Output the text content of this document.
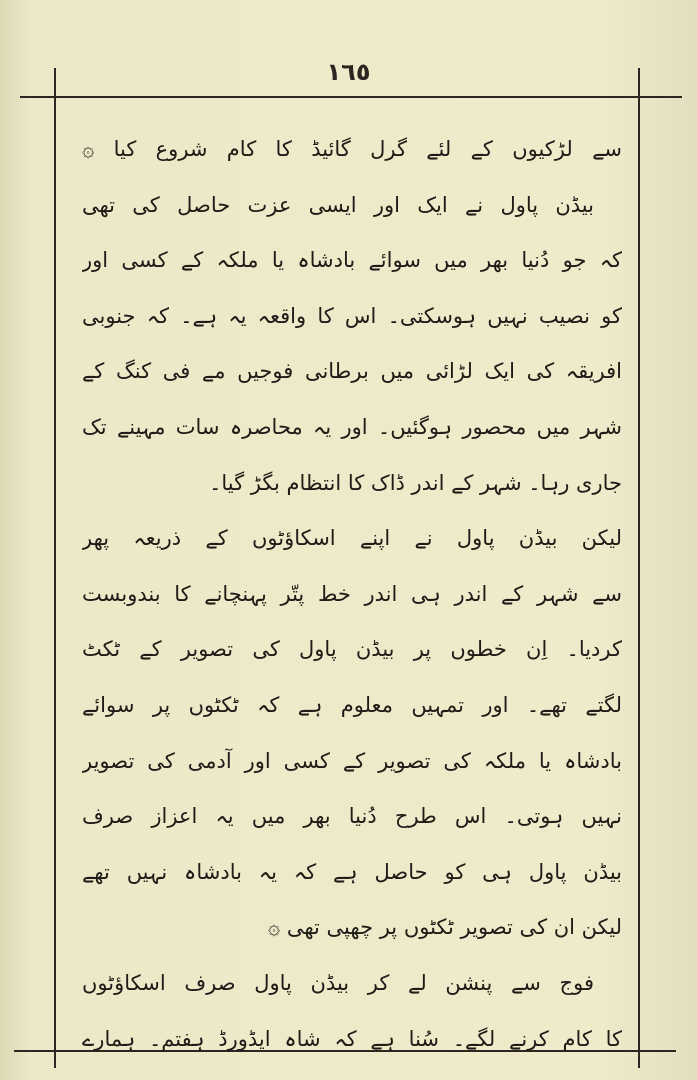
١٦٥
سے لڑکیوں کے لئے گرل گائیڈ کا کام شروع کیا ۞
بیڈن پاول نے ایک اور ایسی عزت حاصل کی تھی
کہ جو دُنیا بھر میں سوائے بادشاہ یا ملکہ کے کسی اور
کو نصیب نہیں ہوسکتی۔ اس کا واقعہ یہ ہے۔ کہ جنوبی
افریقہ کی ایک لڑائی میں برطانی فوجیں مے فی کنگ کے
شہر میں محصور ہوگئیں۔ اور یہ محاصرہ سات مہینے تک
جاری رہا۔ شہر کے اندر ڈاک کا انتظام بگڑ گیا۔
لیکن بیڈن پاول نے اپنے اسکاؤٹوں کے ذریعہ پھر
سے شہر کے اندر ہی اندر خط پتّر پہنچانے کا بندوبست
کردیا۔ اِن خطوں پر بیڈن پاول کی تصویر کے ٹکٹ
لگتے تھے۔ اور تمہیں معلوم ہے کہ ٹکٹوں پر سوائے
بادشاہ یا ملکہ کی تصویر کے کسی اور آدمی کی تصویر
نہیں ہوتی۔ اس طرح دُنیا بھر میں یہ اعزاز صرف
بیڈن پاول ہی کو حاصل ہے کہ یہ بادشاہ نہیں تھے
لیکن ان کی تصویر ٹکٹوں پر چھپی تھی ۞
فوج سے پنشن لے کر بیڈن پاول صرف اسکاؤٹوں
کا کام کرنے لگے۔ سُنا ہے کہ شاہ ایڈورڈ ہفتم۔ ہمارے
